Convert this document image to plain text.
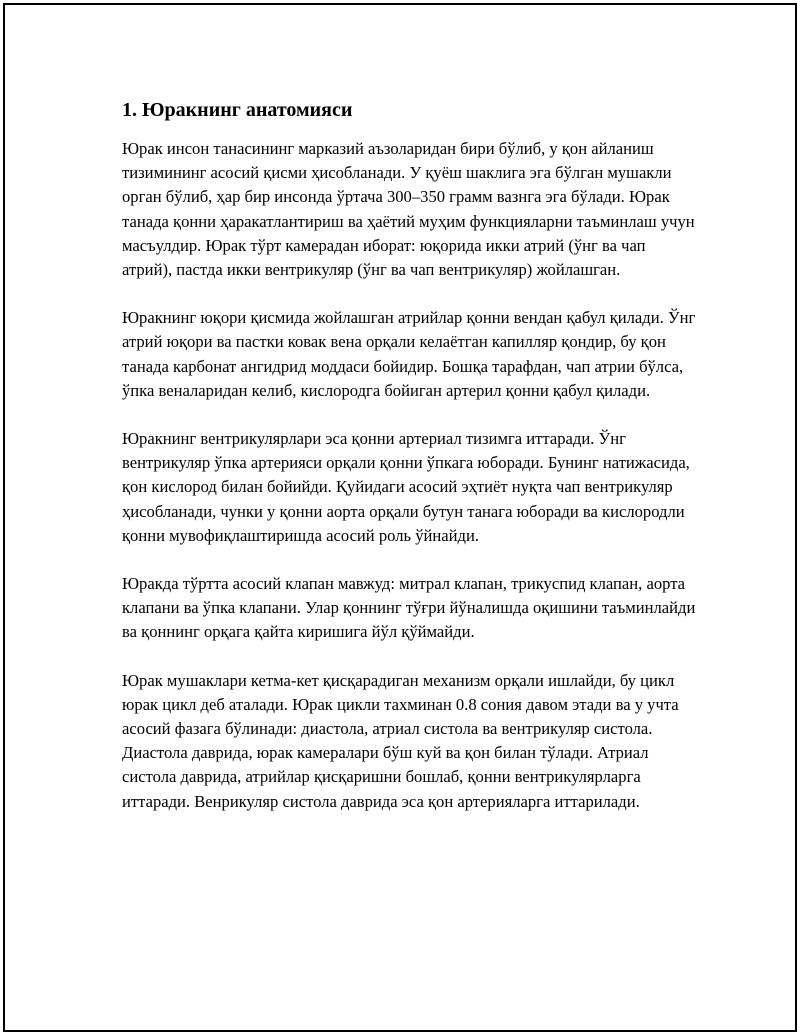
1. Юракнинг анатомияси

Юрак инсон танасининг марказий аъзоларидан бири бўлиб, у қон айланиш тизимининг асосий қисми ҳисобланади. У қуёш шаклига эга бўлган мушакли орган бўлиб, ҳар бир инсонда ўртача 300–350 грамм вазнга эга бўлади. Юрак танада қонни ҳаракатлантириш ва ҳаётий муҳим функцияларни таъминлаш учун масъулдир. Юрак тўрт камерадан иборат: юқорида икки атрий (ўнг ва чап атрий), пастда икки вентрикуляр (ўнг ва чап вентрикуляр) жойлашган.

Юракнинг юқори қисмида жойлашган атрийлар қонни вендан қабул қилади. Ўнг атрий юқори ва пастки ковак вена орқали келаётган капилляр қондир, бу қон танада карбонат ангидрид моддаси бойидир. Бошқа тарафдан, чап атрии бўлса, ўпка веналаридан келиб, кислородга бойиган артерил қонни қабул қилади.

Юракнинг вентрикулярлари эса қонни артериал тизимга иттаради. Ўнг вентрикуляр ўпка артерияси орқали қонни ўпкага юборади. Бунинг натижасида, қон кислород билан бойийди. Қуйидаги асосий эҳтиёт нуқта чап вентрикуляр ҳисобланади, чунки у қонни аорта орқали бутун танага юборади ва кислородли қонни мувофиқлаштиришда асосий роль ўйнайди.

Юракда тўртта асосий клапан мавжуд: митрал клапан, трикуспид клапан, аорта клапани ва ўпка клапани. Улар қоннинг тўғри йўналишда оқишини таъминлайди ва қоннинг орқага қайта киришига йўл қўймайди.

Юрак мушаклари кетма-кет қисқарадиган механизм орқали ишлайди, бу цикл юрак цикл деб аталади. Юрак цикли тахминан 0.8 сония давом этади ва у учта асосий фазага бўлинади: диастола, атриал систола ва вентрикуляр систола. Диастола даврида, юрак камералари бўш куй ва қон билан тўлади. Атриал систола даврида, атрийлар қисқаришни бошлаб, қонни вентрикулярларга иттаради. Венрикуляр систола даврида эса қон артерияларга иттарилади.
